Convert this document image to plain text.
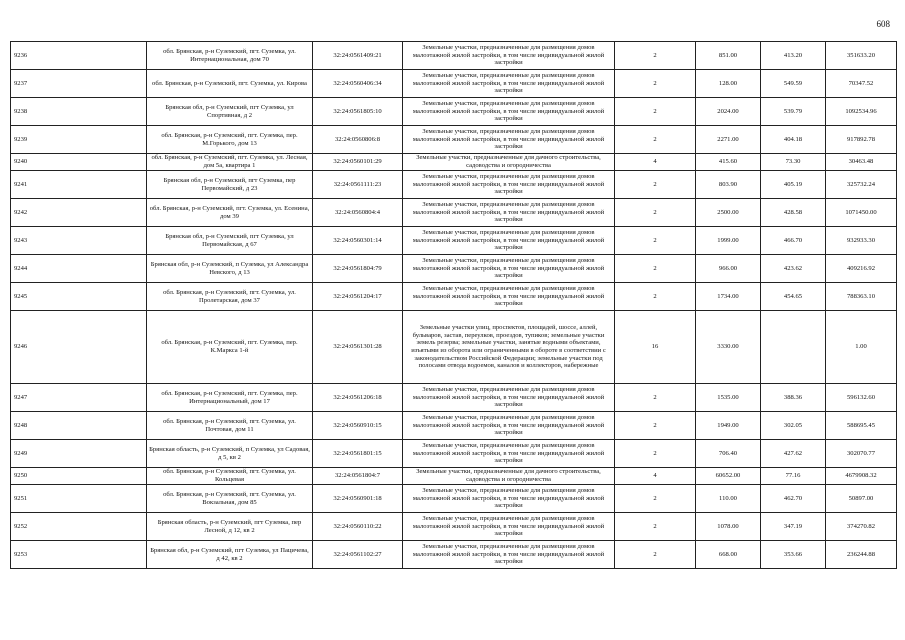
608
9236	обл. Брянская, р-н Суземский, пгт. Суземка, ул. Интернациональная, дом 70	32:24:0561409:21	Земельные участки, предназначенные для размещения домов малоэтажной жилой застройки, в том числе индивидуальной жилой застройки	2	851.00	413.20	351633.20
9237	обл. Брянская, р-н Суземский, пгт. Суземка, ул. Кирова	32:24:0560406:34	Земельные участки, предназначенные для размещения домов малоэтажной жилой застройки, в том числе индивидуальной жилой застройки	2	128.00	549.59	70347.52
9238	Брянская обл, р-н Суземский, пгт Суземка, ул Спортивная, д 2	32:24:0561805:10	Земельные участки, предназначенные для размещения домов малоэтажной жилой застройки, в том числе индивидуальной жилой застройки	2	2024.00	539.79	1092534.96
9239	обл. Брянская, р-н Суземский, пгт. Суземка, пер. М.Горького, дом 13	32:24:0560806:8	Земельные участки, предназначенные для размещения домов малоэтажной жилой застройки, в том числе индивидуальной жилой застройки	2	2271.00	404.18	917892.78
9240	обл. Брянская, р-н Суземский, пгт. Суземка, ул. Лесная, дом 5а, квартира 1	32:24:0560101:29	Земельные участки, предназначенные для дачного строительства, садоводства и огородничества	4	415.60	73.30	30463.48
9241	Брянская обл, р-н Суземский, пгт Суземка, пер Первомайский, д 23	32:24:0561111:23	Земельные участки, предназначенные для размещения домов малоэтажной жилой застройки, в том числе индивидуальной жилой застройки	2	803.90	405.19	325732.24
9242	обл. Брянская, р-н Суземский, пгт. Суземка, ул. Есенина, дом 39	32:24:0560804:4	Земельные участки, предназначенные для размещения домов малоэтажной жилой застройки, в том числе индивидуальной жилой застройки	2	2500.00	428.58	1071450.00
9243	Брянская обл, р-н Суземский, пгт Суземка, ул Первомайская, д 67	32:24:0560301:14	Земельные участки, предназначенные для размещения домов малоэтажной жилой застройки, в том числе индивидуальной жилой застройки	2	1999.00	466.70	932933.30
9244	Брянская обл, р-н Суземский, п Суземка, ул Александра Невского, д 13	32:24:0561804:79	Земельные участки, предназначенные для размещения домов малоэтажной жилой застройки, в том числе индивидуальной жилой застройки	2	966.00	423.62	409216.92
9245	обл. Брянская, р-н Суземский, пгт. Суземка, ул. Пролетарская, дом 37	32:24:0561204:17	Земельные участки, предназначенные для размещения домов малоэтажной жилой застройки, в том числе индивидуальной жилой застройки	2	1734.00	454.65	788363.10
9246	обл. Брянская, р-н Суземский, пгт. Суземка, пер. К.Маркса 1-й	32:24:0561301:28	Земельные участки улиц, проспектов, площадей, шоссе, аллей, бульваров, застав, переулков, проездов, тупиков; земельные участки земель резерва; земельные участки, занятые водными объектами, изъятыми из оборота или ограниченными в обороте в соответствии с законодательством Российской Федерации; земельные участки под полосами отвода водоемов, каналов и коллекторов, набережные	16	3330.00		1.00
9247	обл. Брянская, р-н Суземский, пгт. Суземка, пер. Интернациональный, дом 17	32:24:0561206:18	Земельные участки, предназначенные для размещения домов малоэтажной жилой застройки, в том числе индивидуальной жилой застройки	2	1535.00	388.36	596132.60
9248	обл. Брянская, р-н Суземский, пгт. Суземка, ул. Почтовая, дом 11	32:24:0560910:15	Земельные участки, предназначенные для размещения домов малоэтажной жилой застройки, в том числе индивидуальной жилой застройки	2	1949.00	302.05	588695.45
9249	Брянская область, р-н Суземский, п Суземка, ул Садовая, д 5, кв 2	32:24:0561801:15	Земельные участки, предназначенные для размещения домов малоэтажной жилой застройки, в том числе индивидуальной жилой застройки	2	706.40	427.62	302070.77
9250	обл. Брянская, р-н Суземский, пгт. Суземка, ул. Кольцевая	32:24:0561804:7	Земельные участки, предназначенные для дачного строительства, садоводства и огородничества	4	60652.00	77.16	4679908.32
9251	обл. Брянская, р-н Суземский, пгт. Суземка, ул. Вокзальная, дом 85	32:24:0560901:18	Земельные участки, предназначенные для размещения домов малоэтажной жилой застройки, в том числе индивидуальной жилой застройки	2	110.00	462.70	50897.00
9252	Брянская область, р-н Суземский, пгт Суземка, пер Лесной, д 12, кв 2	32:24:0560110:22	Земельные участки, предназначенные для размещения домов малоэтажной жилой застройки, в том числе индивидуальной жилой застройки	2	1078.00	347.19	374270.82
9253	Брянская обл, р-н Суземский, пгт Суземка, ул Пацичева, д 42, кв 2	32:24:0561102:27	Земельные участки, предназначенные для размещения домов малоэтажной жилой застройки, в том числе индивидуальной жилой застройки	2	668.00	353.66	236244.88
